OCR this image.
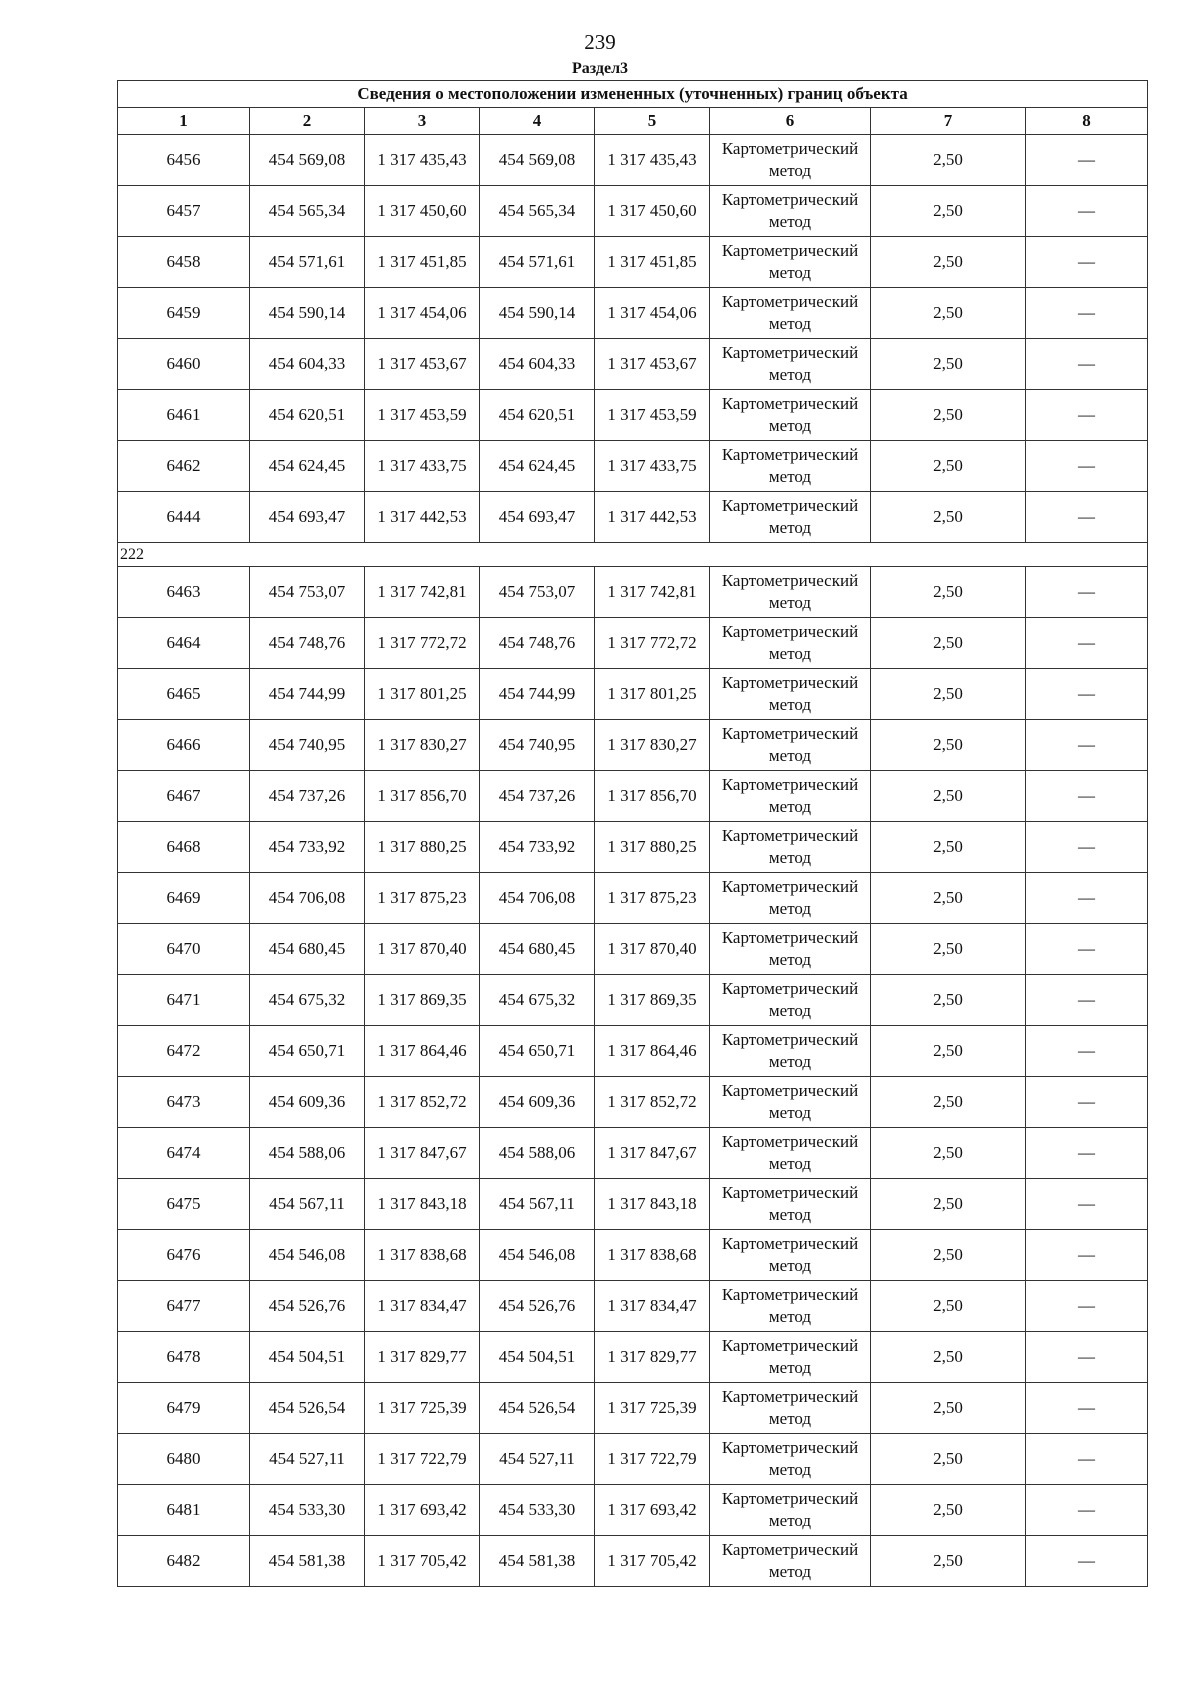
239
Раздел3
Сведения о местоположении измененных (уточненных) границ объекта							
1	2	3	4	5	6	7	8
6456	454 569,08	1 317 435,43	454 569,08	1 317 435,43	Картометрический метод	2,50	—
6457	454 565,34	1 317 450,60	454 565,34	1 317 450,60	Картометрический метод	2,50	—
6458	454 571,61	1 317 451,85	454 571,61	1 317 451,85	Картометрический метод	2,50	—
6459	454 590,14	1 317 454,06	454 590,14	1 317 454,06	Картометрический метод	2,50	—
6460	454 604,33	1 317 453,67	454 604,33	1 317 453,67	Картометрический метод	2,50	—
6461	454 620,51	1 317 453,59	454 620,51	1 317 453,59	Картометрический метод	2,50	—
6462	454 624,45	1 317 433,75	454 624,45	1 317 433,75	Картометрический метод	2,50	—
6444	454 693,47	1 317 442,53	454 693,47	1 317 442,53	Картометрический метод	2,50	—
222							
6463	454 753,07	1 317 742,81	454 753,07	1 317 742,81	Картометрический метод	2,50	—
6464	454 748,76	1 317 772,72	454 748,76	1 317 772,72	Картометрический метод	2,50	—
6465	454 744,99	1 317 801,25	454 744,99	1 317 801,25	Картометрический метод	2,50	—
6466	454 740,95	1 317 830,27	454 740,95	1 317 830,27	Картометрический метод	2,50	—
6467	454 737,26	1 317 856,70	454 737,26	1 317 856,70	Картометрический метод	2,50	—
6468	454 733,92	1 317 880,25	454 733,92	1 317 880,25	Картометрический метод	2,50	—
6469	454 706,08	1 317 875,23	454 706,08	1 317 875,23	Картометрический метод	2,50	—
6470	454 680,45	1 317 870,40	454 680,45	1 317 870,40	Картометрический метод	2,50	—
6471	454 675,32	1 317 869,35	454 675,32	1 317 869,35	Картометрический метод	2,50	—
6472	454 650,71	1 317 864,46	454 650,71	1 317 864,46	Картометрический метод	2,50	—
6473	454 609,36	1 317 852,72	454 609,36	1 317 852,72	Картометрический метод	2,50	—
6474	454 588,06	1 317 847,67	454 588,06	1 317 847,67	Картометрический метод	2,50	—
6475	454 567,11	1 317 843,18	454 567,11	1 317 843,18	Картометрический метод	2,50	—
6476	454 546,08	1 317 838,68	454 546,08	1 317 838,68	Картометрический метод	2,50	—
6477	454 526,76	1 317 834,47	454 526,76	1 317 834,47	Картометрический метод	2,50	—
6478	454 504,51	1 317 829,77	454 504,51	1 317 829,77	Картометрический метод	2,50	—
6479	454 526,54	1 317 725,39	454 526,54	1 317 725,39	Картометрический метод	2,50	—
6480	454 527,11	1 317 722,79	454 527,11	1 317 722,79	Картометрический метод	2,50	—
6481	454 533,30	1 317 693,42	454 533,30	1 317 693,42	Картометрический метод	2,50	—
6482	454 581,38	1 317 705,42	454 581,38	1 317 705,42	Картометрический метод	2,50	—
